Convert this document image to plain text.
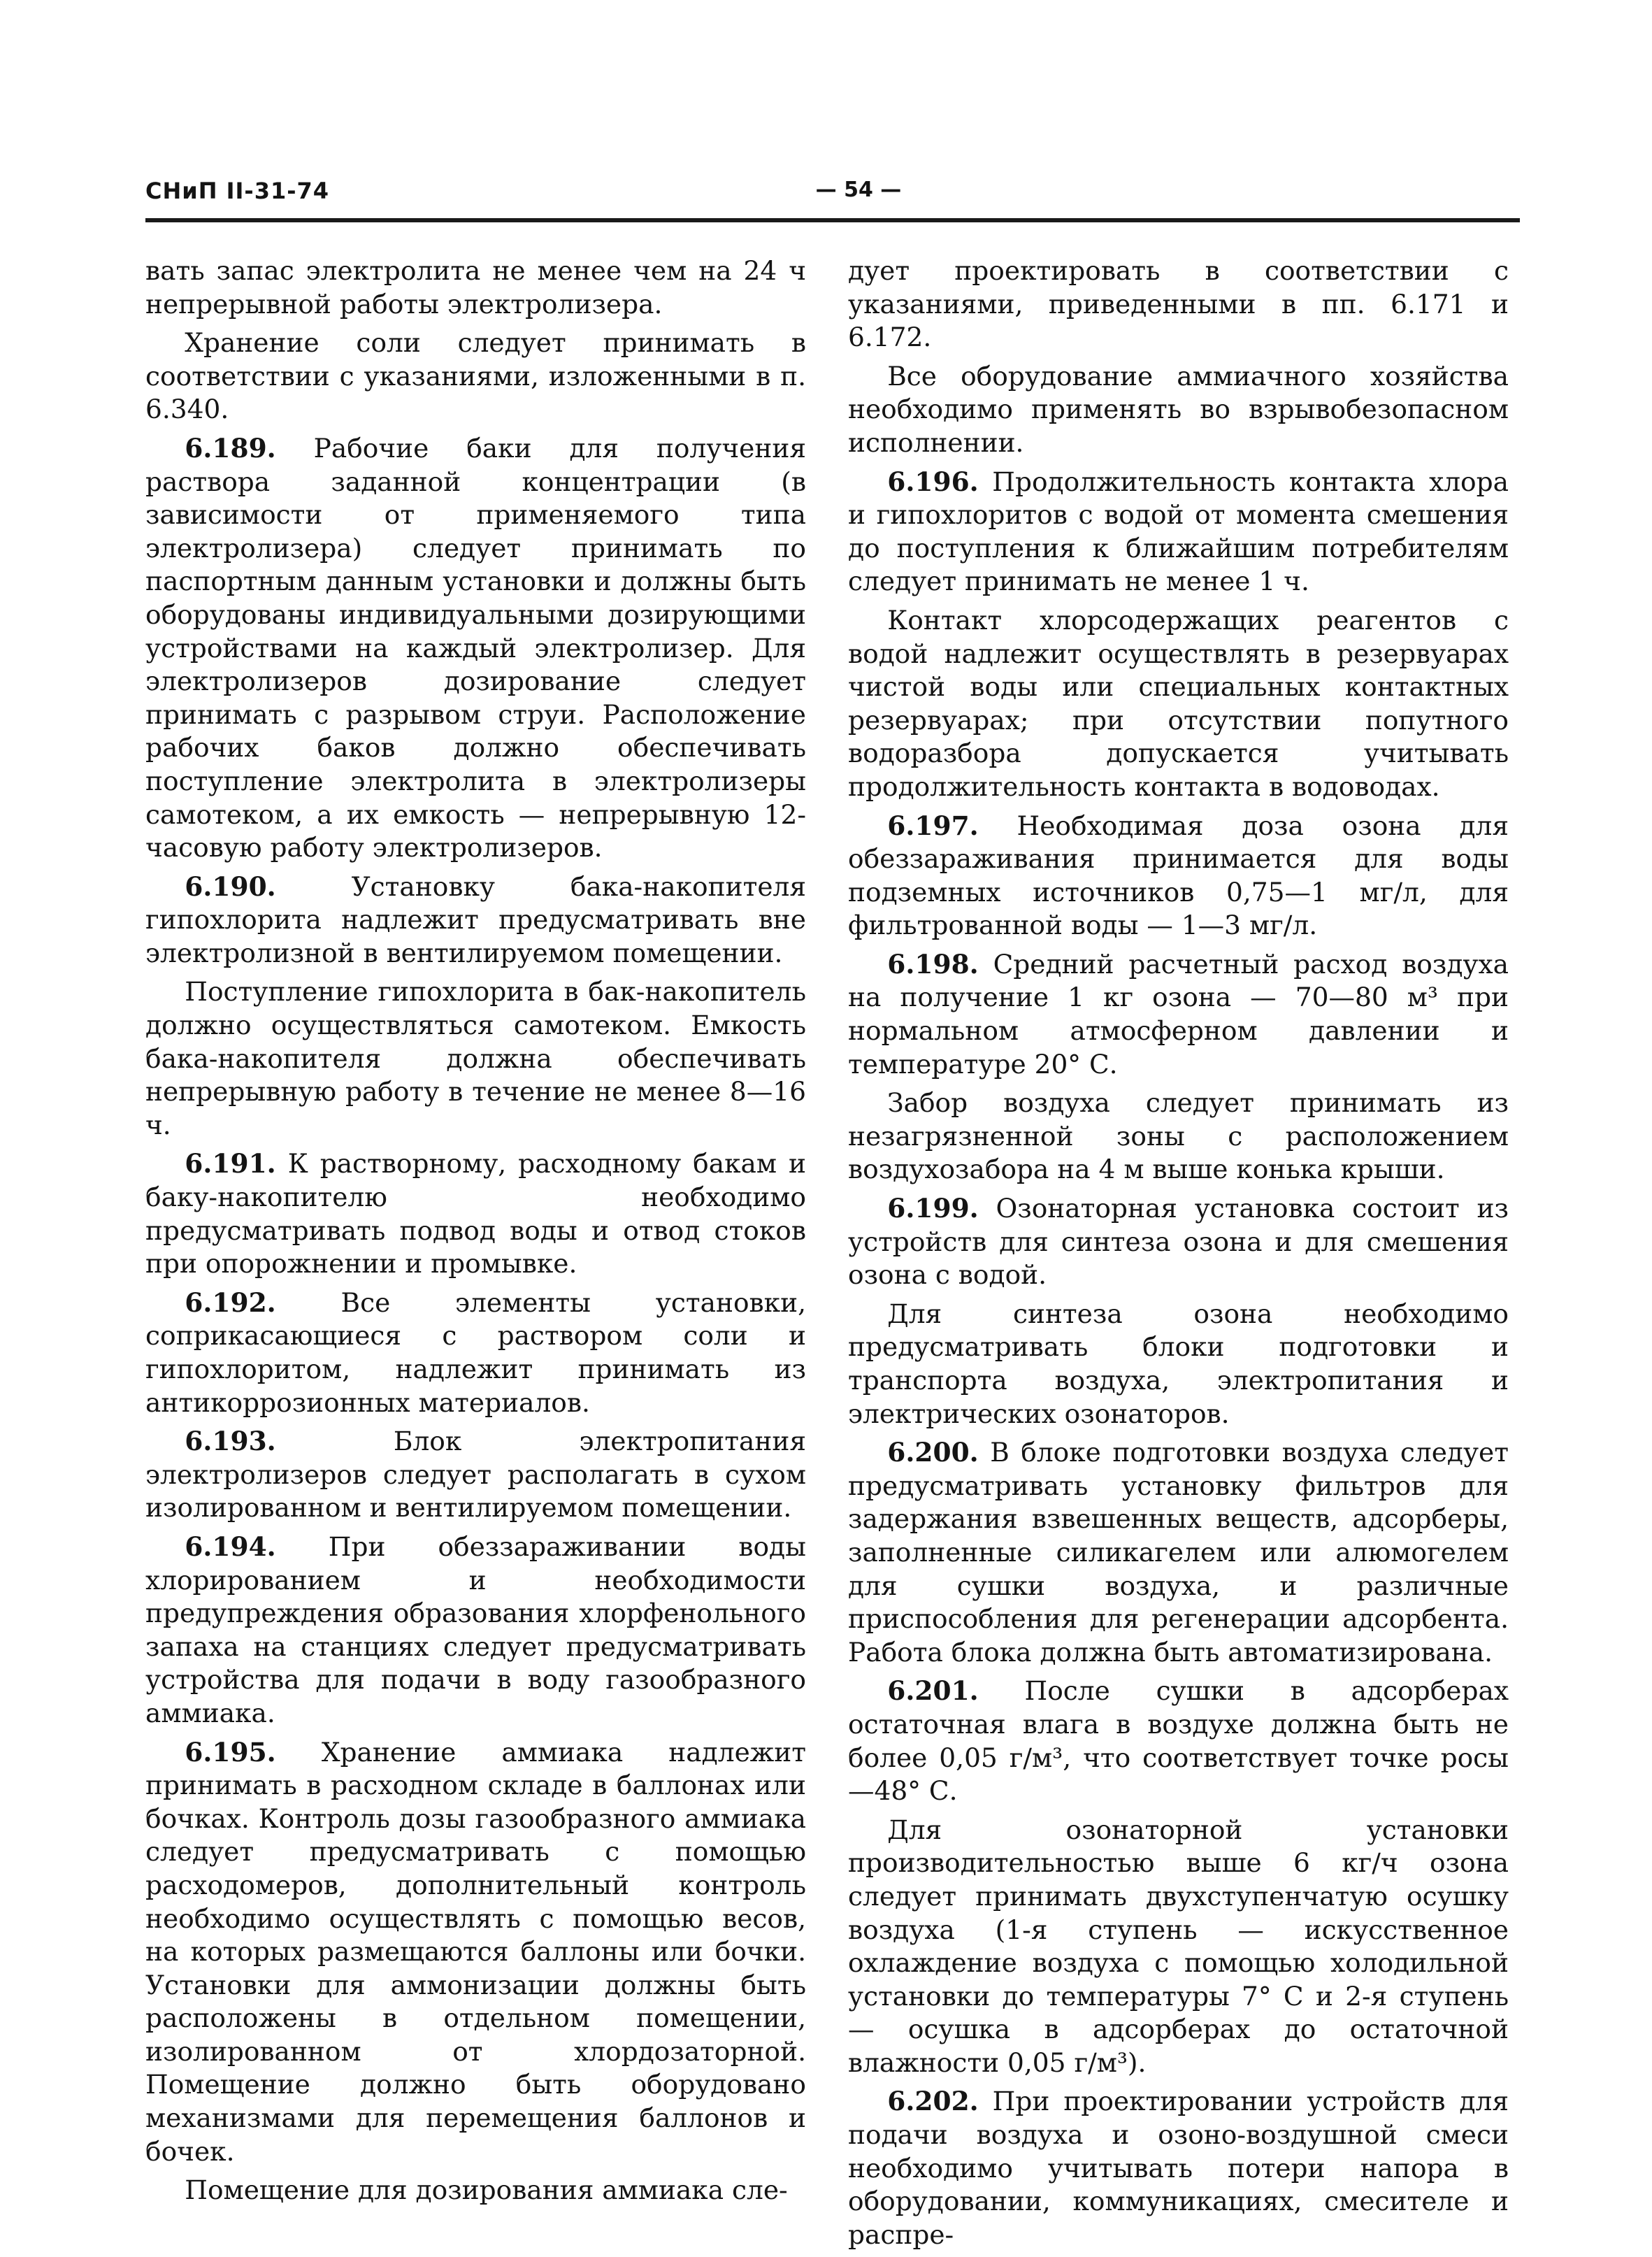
СНиП II-31-74	— 54 —

вать запас электролита не менее чем на 24 ч непрерывной работы электролизера.

Хранение соли следует принимать в соответствии с указаниями, изложенными в п. 6.340.

6.189. Рабочие баки для получения раствора заданной концентрации (в зависимости от применяемого типа электролизера) следует принимать по паспортным данным установки и должны быть оборудованы индивидуальными дозирующими устройствами на каждый электролизер. Для электролизеров дозирование следует принимать с разрывом струи. Расположение рабочих баков должно обеспечивать поступление электролита в электролизеры самотеком, а их емкость — непрерывную 12-часовую работу электролизеров.

6.190. Установку бака-накопителя гипохлорита надлежит предусматривать вне электролизной в вентилируемом помещении.

Поступление гипохлорита в бак-накопитель должно осуществляться самотеком. Емкость бака-накопителя должна обеспечивать непрерывную работу в течение не менее 8—16 ч.

6.191. К растворному, расходному бакам и баку-накопителю необходимо предусматривать подвод воды и отвод стоков при опорожнении и промывке.

6.192. Все элементы установки, соприкасающиеся с раствором соли и гипохлоритом, надлежит принимать из антикоррозионных материалов.

6.193. Блок электропитания электролизеров следует располагать в сухом изолированном и вентилируемом помещении.

6.194. При обеззараживании воды хлорированием и необходимости предупреждения образования хлорфенольного запаха на станциях следует предусматривать устройства для подачи в воду газообразного аммиака.

6.195. Хранение аммиака надлежит принимать в расходном складе в баллонах или бочках. Контроль дозы газообразного аммиака следует предусматривать с помощью расходомеров, дополнительный контроль необходимо осуществлять с помощью весов, на которых размещаются баллоны или бочки. Установки для аммонизации должны быть расположены в отдельном помещении, изолированном от хлордозаторной. Помещение должно быть оборудовано механизмами для перемещения баллонов и бочек.

Помещение для дозирования аммиака сле-

дует проектировать в соответствии с указаниями, приведенными в пп. 6.171 и 6.172.

Все оборудование аммиачного хозяйства необходимо применять во взрывобезопасном исполнении.

6.196. Продолжительность контакта хлора и гипохлоритов с водой от момента смешения до поступления к ближайшим потребителям следует принимать не менее 1 ч.

Контакт хлорсодержащих реагентов с водой надлежит осуществлять в резервуарах чистой воды или специальных контактных резервуарах; при отсутствии попутного водоразбора допускается учитывать продолжительность контакта в водоводах.

6.197. Необходимая доза озона для обеззараживания принимается для воды подземных источников 0,75—1 мг/л, для фильтрованной воды — 1—3 мг/л.

6.198. Средний расчетный расход воздуха на получение 1 кг озона — 70—80 м³ при нормальном атмосферном давлении и температуре 20° С.

Забор воздуха следует принимать из незагрязненной зоны с расположением воздухозабора на 4 м выше конька крыши.

6.199. Озонаторная установка состоит из устройств для синтеза озона и для смешения озона с водой.

Для синтеза озона необходимо предусматривать блоки подготовки и транспорта воздуха, электропитания и электрических озонаторов.

6.200. В блоке подготовки воздуха следует предусматривать установку фильтров для задержания взвешенных веществ, адсорберы, заполненные силикагелем или алюмогелем для сушки воздуха, и различные приспособления для регенерации адсорбента. Работа блока должна быть автоматизирована.

6.201. После сушки в адсорберах остаточная влага в воздухе должна быть не более 0,05 г/м³, что соответствует точке росы —48° С.

Для озонаторной установки производительностью выше 6 кг/ч озона следует принимать двухступенчатую осушку воздуха (1-я ступень — искусственное охлаждение воздуха с помощью холодильной установки до температуры 7° С и 2-я ступень — осушка в адсорберах до остаточной влажности 0,05 г/м³).

6.202. При проектировании устройств для подачи воздуха и озоно-воздушной смеси необходимо учитывать потери напора в оборудовании, коммуникациях, смесителе и распре-
